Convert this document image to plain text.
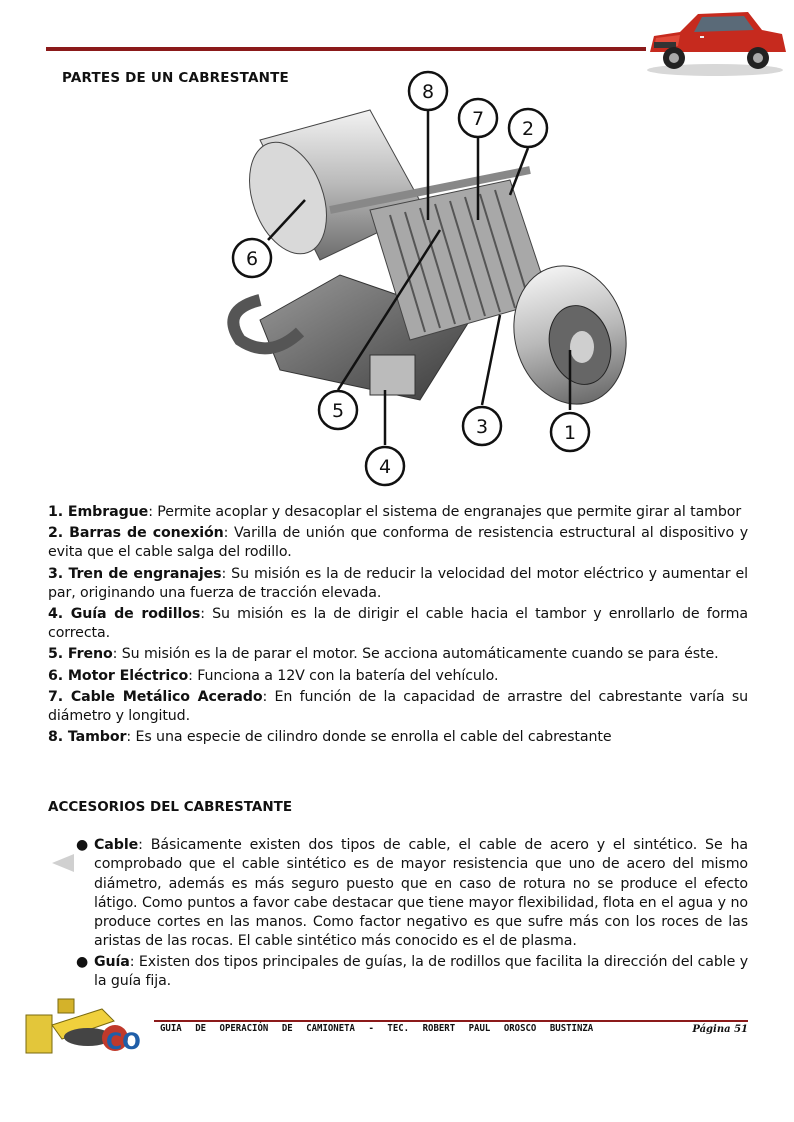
PARTES DE UN CABRESTANTE
8
7 2
6
5
4
3	1

1. Embrague: Permite acoplar y desacoplar el sistema de engranajes que permite girar al tambor

2. Barras de conexión: Varilla de unión que conforma de resistencia estructural al dispositivo y evita que el cable salga del rodillo.

3. Tren de engranajes: Su misión es la de reducir la velocidad del motor eléctrico y aumentar el par, originando una fuerza de tracción elevada.

4. Guía de rodillos: Su misión es la de dirigir el cable hacia el tambor y enrollarlo de forma correcta.

5. Freno: Su misión es la de parar el motor. Se acciona automáticamente cuando se para éste.

6. Motor Eléctrico: Funciona a 12V con la batería del vehículo.

7. Cable Metálico Acerado: En función de la capacidad de arrastre del cabrestante varía su diámetro y longitud.

8. Tambor: Es una especie de cilindro donde se enrolla el cable del cabrestante

ACCESORIOS DEL CABRESTANTE
● Cable: Básicamente existen dos tipos de cable, el cable de acero y el sintético. Se ha comprobado que el cable sintético es de mayor resistencia que uno de acero del mismo diámetro, además es más seguro puesto que en caso de rotura no se produce el efecto látigo. Como puntos a favor cabe destacar que tiene mayor flexibilidad, flota en el agua y no produce cortes en las manos. Como factor negativo es que sufre más con los roces de las aristas de las rocas. El cable sintético más conocido es el de plasma.
● Guía: Existen dos tipos principales de guías, la de rodillos que facilita la dirección del cable y la guía fija.
CO
GUIA DE OPERACIÓN DE CAMIONETA - TEC. ROBERT PAUL OROSCO BUSTINZA	Página 51
